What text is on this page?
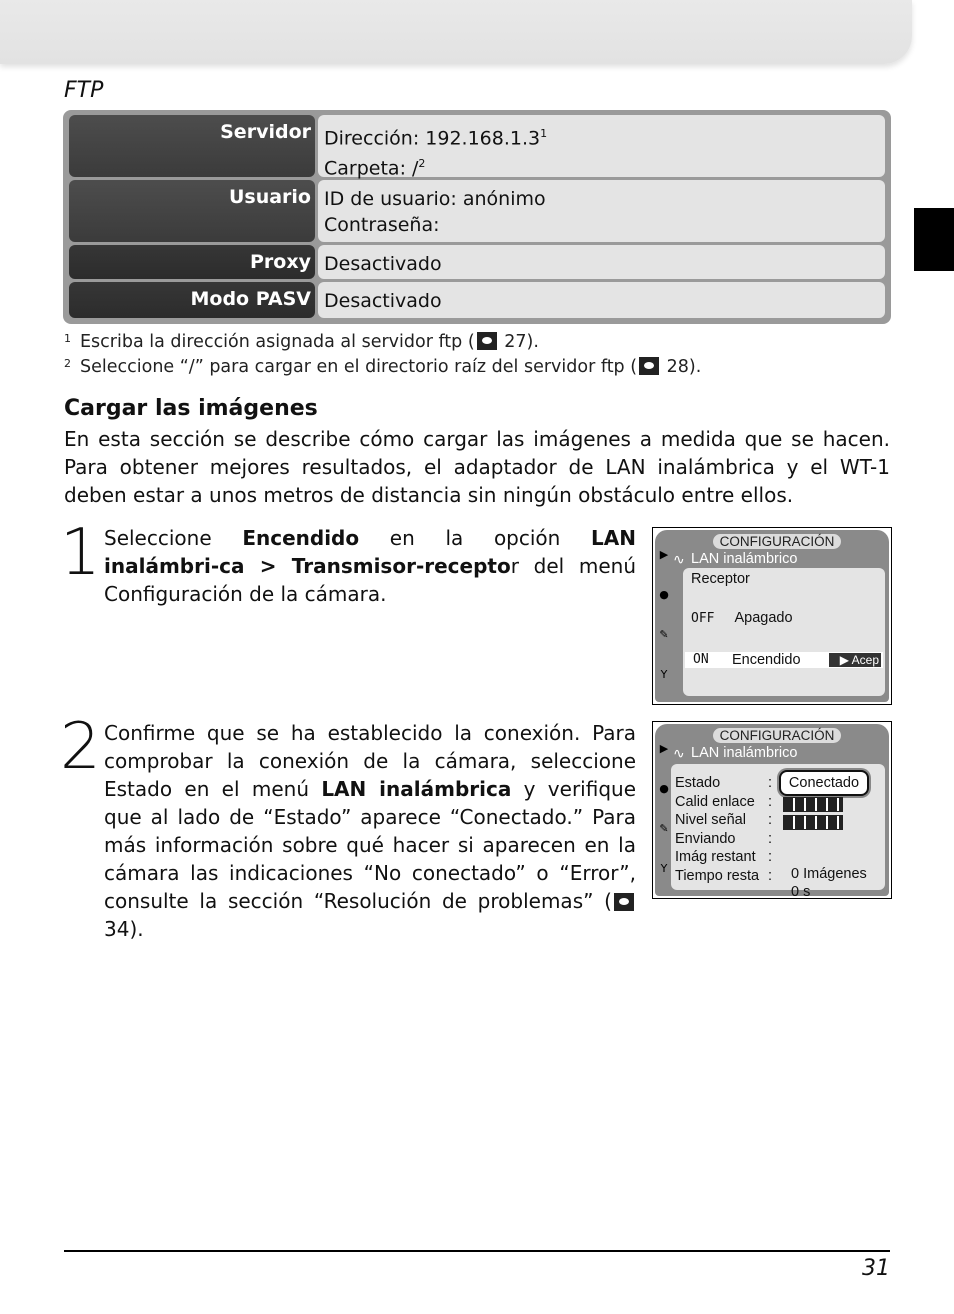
FTP
Servidor Dirección: 192.168.1.3$^1$
Carpeta: /$^2$
Usuario ID de usuario: anónimo
Contraseña:
Proxy Desactivado
Modo PASV Desactivado
1 Escriba la dirección asignada al servidor ftp ( 27).
2 Seleccione “/” para cargar en el directorio raíz del servidor ftp ( 28).
Cargar las imágenes
En esta sección se describe cómo cargar las imágenes a medida que se hacen. Para obtener mejores resultados, el adaptador de LAN inalámbrica y el WT-1 deben estar a unos metros de distancia sin ningún obstáculo entre ellos.
1 Seleccione Encendido en la opción LAN inalámbri-ca > Transmisor-receptor del menú Configuración de la cámara.
2 Confirme que se ha establecido la conexión. Para comprobar la conexión de la cámara, seleccione Estado en el menú LAN inalámbrica y verifique que al lado de “Estado” aparece “Conectado.” Para más información sobre qué hacer si aparecen en la cámara las indicaciones “No conectado” o “Error”, consulte la sección “Resolución de problemas” ( 34).
CONFIGURACIÓN
▶
●
✎
Y
∿ LAN inalámbrico
Receptor
OFF Apagado
ON Encendido	▶ Acep
CONFIGURACIÓN
▶
●
✎
Y
∿ LAN inalámbrico
Estado
Calid enlace
Nivel señal
Enviando
Imág restant
Tiempo resta
:
:
:
:
:
:
Conectado
0 Imágenes
0 s
31
